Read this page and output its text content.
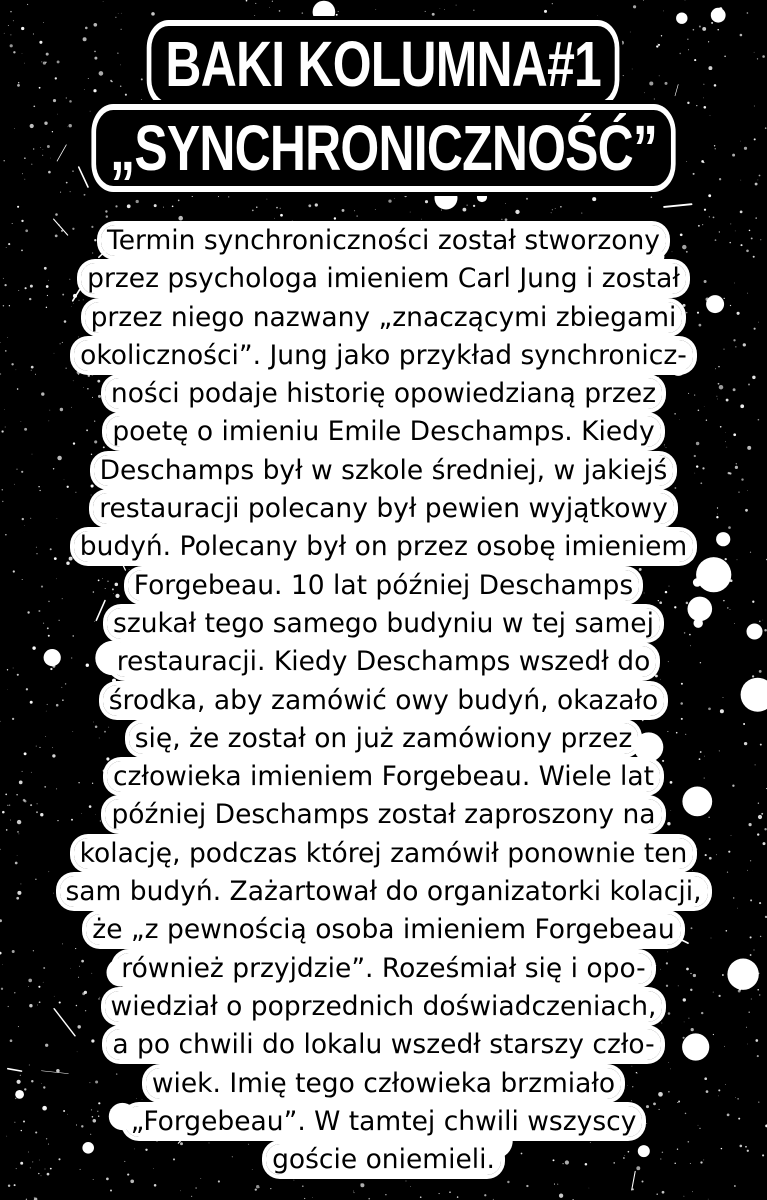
BAKI KOLUMNA#1
„SYNCHRONICZNOŚĆ”
Termin synchroniczności został stworzony
przez psychologa imieniem Carl Jung i został
przez niego nazwany „znaczącymi zbiegami
okoliczności”. Jung jako przykład synchronicz-
ności podaje historię opowiedzianą przez
poetę o imieniu Emile Deschamps. Kiedy
Deschamps był w szkole średniej, w jakiejś
restauracji polecany był pewien wyjątkowy
budyń. Polecany był on przez osobę imieniem
Forgebeau. 10 lat później Deschamps
szukał tego samego budyniu w tej samej
restauracji. Kiedy Deschamps wszedł do
środka, aby zamówić owy budyń, okazało
się, że został on już zamówiony przez
człowieka imieniem Forgebeau. Wiele lat
później Deschamps został zaproszony na
kolację, podczas której zamówił ponownie ten
sam budyń. Zażartował do organizatorki kolacji,
że „z pewnością osoba imieniem Forgebeau
również przyjdzie”. Roześmiał się i opo-
wiedział o poprzednich doświadczeniach,
a po chwili do lokalu wszedł starszy czło-
wiek. Imię tego człowieka brzmiało
„Forgebeau”. W tamtej chwili wszyscy
goście oniemieli.
